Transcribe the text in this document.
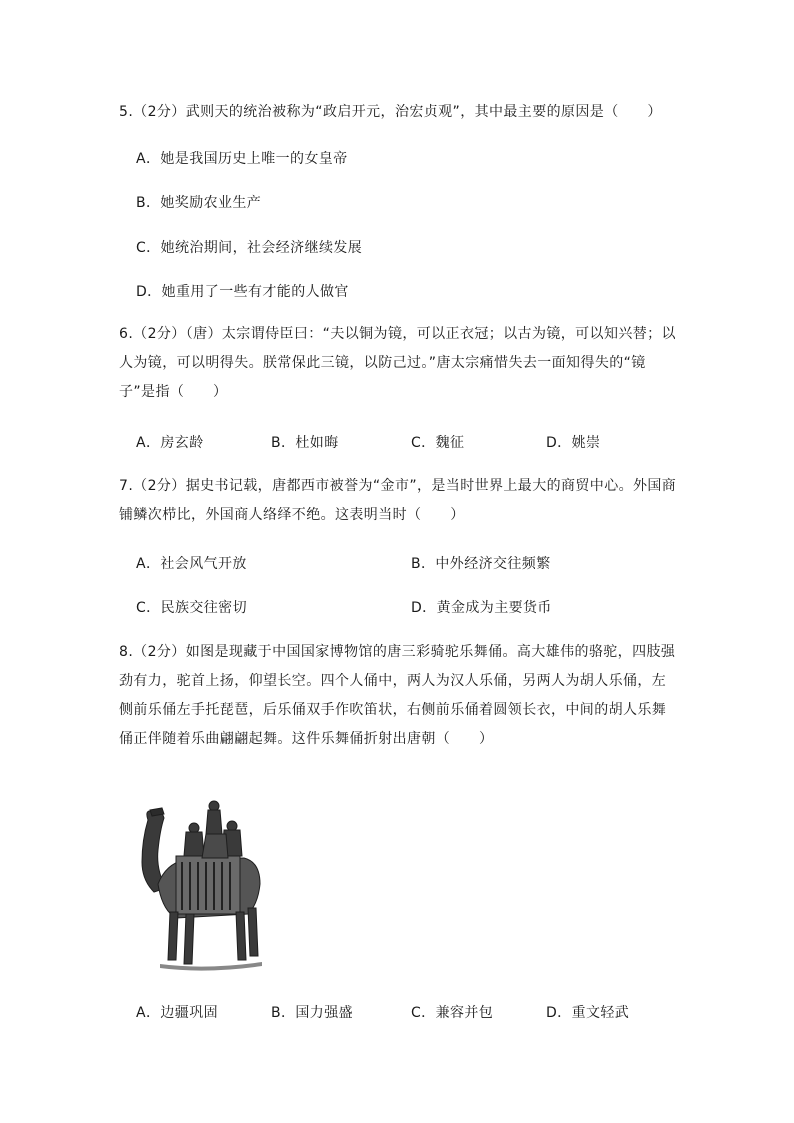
5.（2分）武则天的统治被称为“政启开元，治宏贞观”，其中最主要的原因是（　　）
A．她是我国历史上唯一的女皇帝
B．她奖励农业生产
C．她统治期间，社会经济继续发展
D．她重用了一些有才能的人做官
6.（2分）（唐）太宗谓侍臣曰：“夫以铜为镜，可以正衣冠；以古为镜，可以知兴替；以人为镜，可以明得失。朕常保此三镜，以防己过。”唐太宗痛惜失去一面知得失的“镜子”是指（　　）
A．房玄龄	B．杜如晦	C．魏征	D．姚崇
7.（2分）据史书记载，唐都西市被誉为“金市”，是当时世界上最大的商贸中心。外国商铺鳞次栉比，外国商人络绎不绝。这表明当时（　　）
A．社会风气开放	B．中外经济交往频繁
C．民族交往密切	D．黄金成为主要货币
8.（2分）如图是现藏于中国国家博物馆的唐三彩骑驼乐舞俑。高大雄伟的骆驼，四肢强劲有力，驼首上扬，仰望长空。四个人俑中，两人为汉人乐俑，另两人为胡人乐俑，左侧前乐俑左手托琵琶，后乐俑双手作吹笛状，右侧前乐俑着圆领长衣，中间的胡人乐舞俑正伴随着乐曲翩翩起舞。这件乐舞俑折射出唐朝（　　）
A．边疆巩固	B．国力强盛	C．兼容并包	D．重文轻武
